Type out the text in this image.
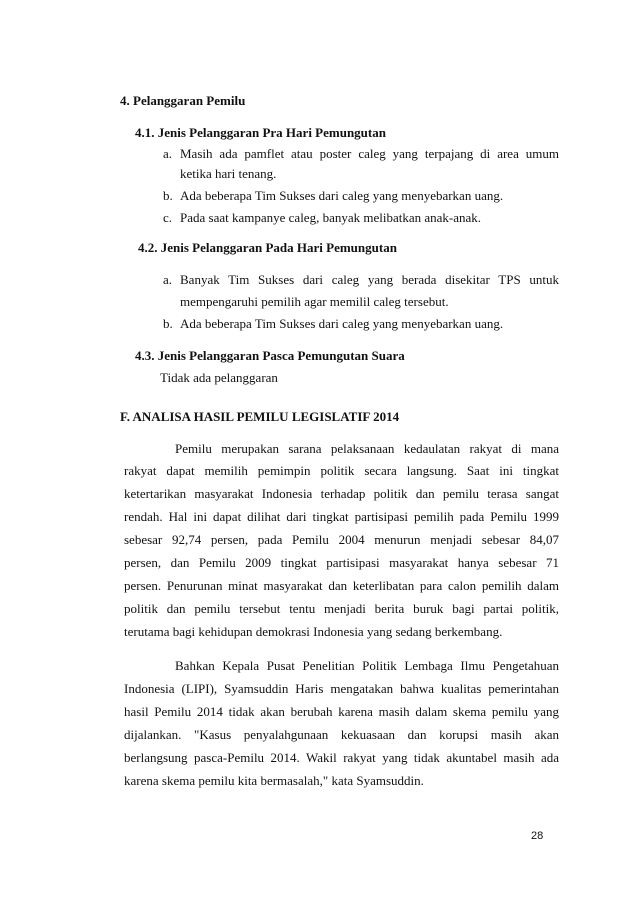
4. Pelanggaran Pemilu
4.1. Jenis Pelanggaran Pra Hari Pemungutan
a. Masih ada pamflet atau poster caleg yang terpajang di area umum
ketika hari tenang.
b. Ada beberapa Tim Sukses dari caleg yang menyebarkan uang.
c. Pada saat kampanye caleg, banyak melibatkan anak-anak.
4.2. Jenis Pelanggaran Pada Hari Pemungutan
a. Banyak Tim Sukses dari caleg yang berada disekitar TPS untuk
mempengaruhi pemilih agar memilil caleg tersebut.
b. Ada beberapa Tim Sukses dari caleg yang menyebarkan uang.
4.3. Jenis Pelanggaran Pasca Pemungutan Suara
Tidak ada pelanggaran
F. ANALISA HASIL PEMILU LEGISLATIF 2014
Pemilu merupakan sarana pelaksanaan kedaulatan rakyat di mana
rakyat dapat memilih pemimpin politik secara langsung. Saat ini tingkat
ketertarikan masyarakat Indonesia terhadap politik dan pemilu terasa sangat
rendah. Hal ini dapat dilihat dari tingkat partisipasi pemilih pada Pemilu 1999
sebesar 92,74 persen, pada Pemilu 2004 menurun menjadi sebesar 84,07
persen, dan Pemilu 2009 tingkat partisipasi masyarakat hanya sebesar 71
persen. Penurunan minat masyarakat dan keterlibatan para calon pemilih dalam
politik dan pemilu tersebut tentu menjadi berita buruk bagi partai politik,
terutama bagi kehidupan demokrasi Indonesia yang sedang berkembang.
Bahkan Kepala Pusat Penelitian Politik Lembaga Ilmu Pengetahuan
Indonesia (LIPI), Syamsuddin Haris mengatakan bahwa kualitas pemerintahan
hasil Pemilu 2014 tidak akan berubah karena masih dalam skema pemilu yang
dijalankan. "Kasus penyalahgunaan kekuasaan dan korupsi masih akan
berlangsung pasca-Pemilu 2014. Wakil rakyat yang tidak akuntabel masih ada
karena skema pemilu kita bermasalah," kata Syamsuddin.
28
